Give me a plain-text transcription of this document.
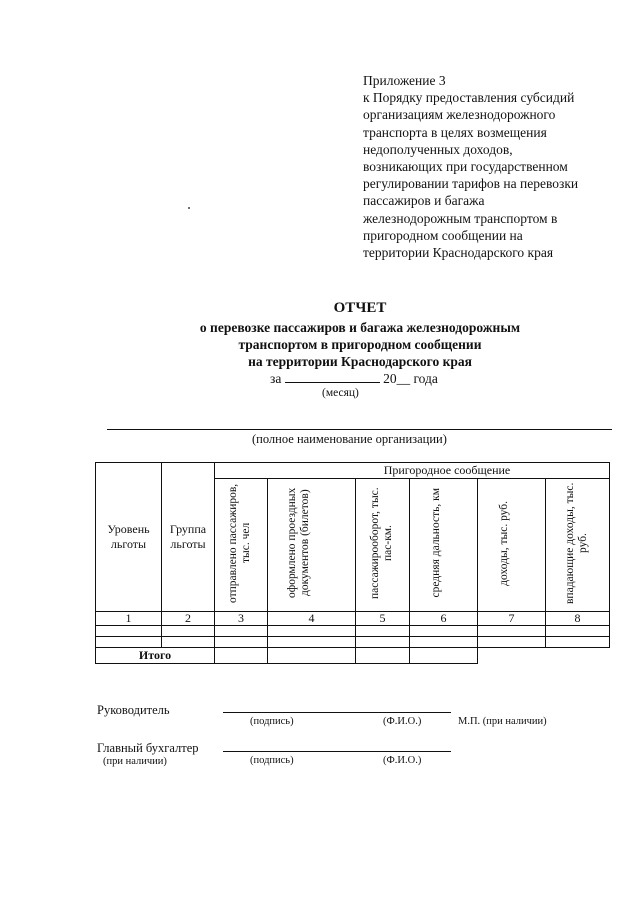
Приложение 3
к Порядку предоставления субсидий
организациям железнодорожного
транспорта в целях возмещения
недополученных доходов,
возникающих при государственном
регулировании тарифов на перевозки
пассажиров и багажа
железнодорожным транспортом в
пригородном сообщении на
территории Краснодарского края
ОТЧЕТ
о перевозке пассажиров и багажа железнодорожным
транспортом в пригородном сообщении
на территории Краснодарского края
за	20__ года
(месяц)
(полное наименование организации)
Уровень льготы	Группа льготы	Пригородное сообщение					
		отправлено пассажиров, тыс. чел	оформлено проездных документов (билетов)	пассажирооборот, тыс. пас-км.	средняя дальность, км	доходы, тыс. руб.	впадающие доходы, тыс. руб.
1	2	3	4	5	6	7	8

Итого							
Руководитель
(подпись)	(Ф.И.О.)	М.П. (при наличии)
Главный бухгалтер
(при наличии)	(подпись)	(Ф.И.О.)
